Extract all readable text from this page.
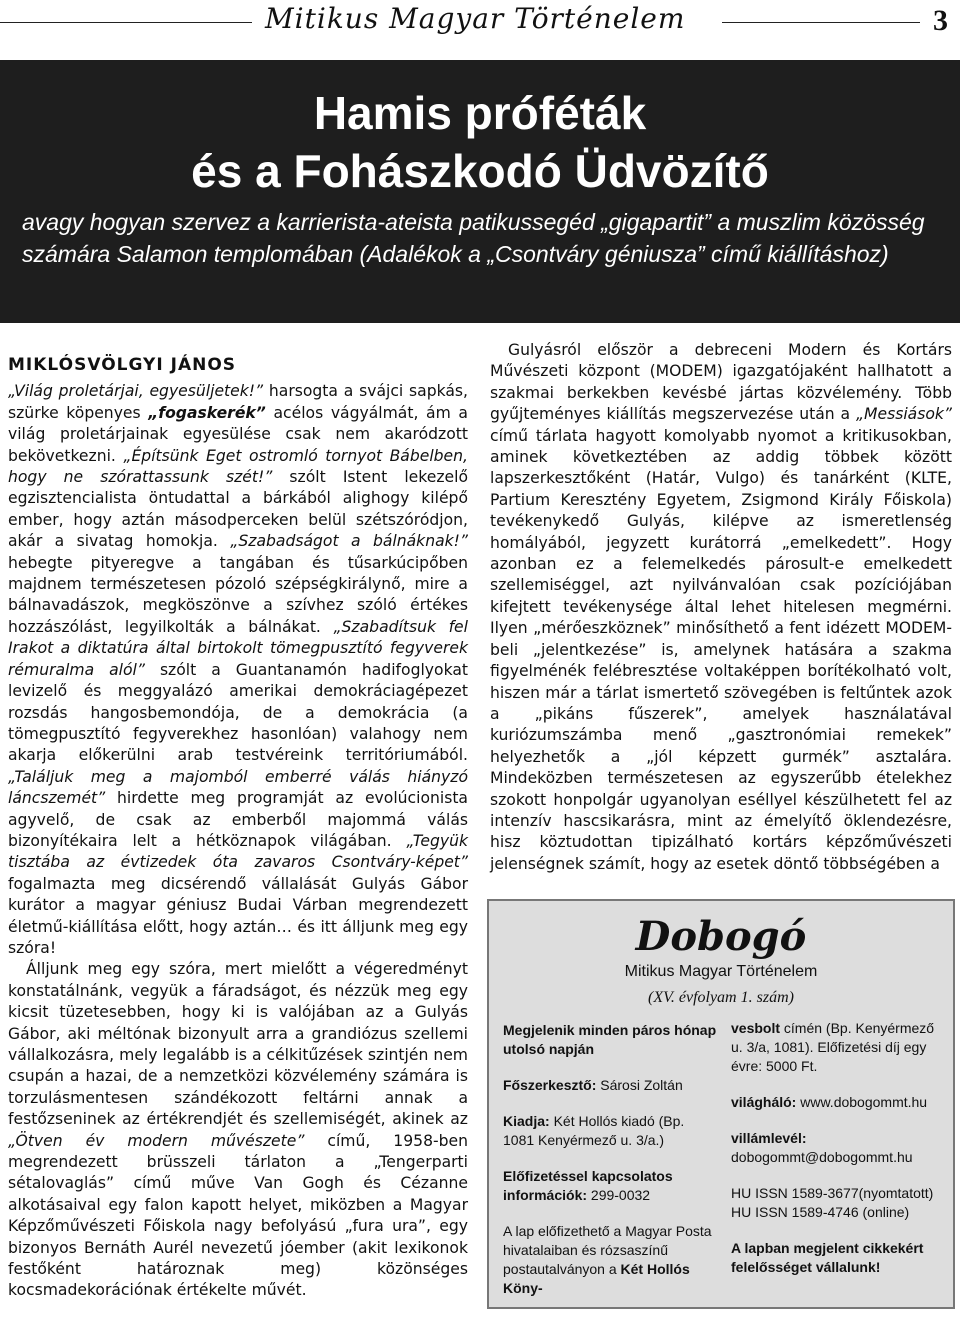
Mitikus Magyar Történelem	3
Hamis próféták
és a Fohászkodó Üdvözítő
avagy hogyan szervez a karrierista-ateista patikussegéd „gigapartit” a muszlim közösség számára Salamon templomában (Adalékok a „Csontváry géniusza” című kiállításhoz)

MIKLÓSVÖLGYI JÁNOS

„Világ proletárjai, egyesüljetek!” harsogta a svájci sapkás, szürke köpenyes „fogaskerék” acélos vágyálmát, ám a világ proletárjainak egyesülése csak nem akaródzott bekövetkezni. „Építsünk Eget ostromló tornyot Bábelben, hogy ne szórattassunk szét!” szólt Istent lekezelő egzisztencialista öntudattal a bárkából alighogy kilépő ember, hogy aztán másodperceken belül szétszóródjon, akár a sivatag homokja. „Szabadságot a bálnáknak!” hebegte pityeregve a tangában és tűsarkúcipőben majdnem természetesen pózoló szépségkirálynő, mire a bálnavadászok, megköszönve a szívhez szóló értékes hozzászólást, legyilkolták a bálnákat. „Szabadítsuk fel Irakot a diktatúra által birtokolt tömegpusztító fegyverek rémuralma alól” szólt a Guantanamón hadifoglyokat levizelő és meggyalázó amerikai demokráciagépezet rozsdás hangosbemondója, de a demokrácia (a tömegpusztító fegyverekhez hasonlóan) valahogy nem akarja előkerülni arab testvéreink territóriumából. „Találjuk meg a majomból emberré válás hiányzó láncszemét” hirdette meg programját az evolúcionista agyvelő, de csak az emberből majommá válás bizonyítékaira lelt a hétköznapok világában. „Tegyük tisztába az évtizedek óta zavaros Csontváry-képet” fogalmazta meg dicsérendő vállalását Gulyás Gábor kurátor a magyar géniusz Budai Várban megrendezett életmű-kiállítása előtt, hogy aztán… és itt álljunk meg egy szóra!

Álljunk meg egy szóra, mert mielőtt a végeredményt konstatálnánk, vegyük a fáradságot, és nézzük meg egy kicsit tüzetesebben, hogy ki is valójában az a Gulyás Gábor, aki méltónak bizonyult arra a grandiózus szellemi vállalkozásra, mely legalább is a célkitűzések szintjén nem csupán a hazai, de a nemzetközi közvélemény számára is torzulásmentesen szándékozott feltárni annak a festőzseninek az értékrendjét és szellemiségét, akinek az „Ötven év modern művészete” című, 1958-ben megrendezett brüsszeli tárlaton a „Tengerparti sétalovaglás” című műve Van Gogh és Cézanne alkotásaival egy falon kapott helyet, miközben a Magyar Képzőművészeti Főiskola nagy befolyású „fura ura”, egy bizonyos Bernáth Aurél nevezetű jóember (akit lexikonok festőként határoznak meg) közönséges kocsmadekorációnak értékelte művét.

Gulyásról először a debreceni Modern és Kortárs Művészeti központ (MODEM) igazgatójaként hallhatott a szakmai berkekben kevésbé jártas közvélemény. Több gyűjteményes kiállítás megszervezése után a „Messiások” című tárlata hagyott komolyabb nyomot a kritikusokban, aminek következtében az addig többek között lapszerkesztőként (Határ, Vulgo) és tanárként (KLTE, Partium Keresztény Egyetem, Zsigmond Király Főiskola) tevékenykedő Gulyás, kilépve az ismeretlenség homályából, jegyzett kurátorrá „emelkedett”. Hogy azonban ez a felemelkedés párosult-e emelkedett szellemiséggel, azt nyilvánvalóan csak pozíciójában kifejtett tevékenysége által lehet hitelesen megmérni. Ilyen „mérőeszköznek” minősíthető a fent idézett MODEM-beli „jelentkezése” is, amelynek hatására a szakma figyelménék felébresztése voltaképpen borítékolható volt, hiszen már a tárlat ismertető szövegében is feltűntek azok a „pikáns fűszerek”, amelyek használatával kuriózumszámba menő „gasztronómiai remekek” helyezhetők a „jól képzett gurmék” asztalára. Mindeközben természetesen az egyszerűbb ételekhez szokott honpolgár ugyanolyan eséllyel készülhetett fel az intenzív hascsikarásra, mint az émelyítő öklendezésre, hisz köztudottan tipizálható kortárs képzőművészeti jelenségnek számít, hogy az esetek döntő többségében a

Dobogó
Mitikus Magyar Történelem
(XV. évfolyam 1. szám)

Megjelenik minden páros hónap utolsó napján

Főszerkesztő: Sárosi Zoltán

Kiadja: Két Hollós kiadó (Bp. 1081 Kenyérmező u. 3/a.)

Előfizetéssel kapcsolatos információk: 299-0032

A lap előfizethető a Magyar Posta hivatalaiban és rózsaszínű postautalványon a Két Hollós Köny-

vesbolt címén (Bp. Kenyérmező u. 3/a, 1081). Előfizetési díj egy évre: 5000 Ft.

világháló: www.dobogommt.hu

villámlevél:
dobogommt@dobogommt.hu

HU ISSN 1589-3677(nyomtatott)
HU ISSN 1589-4746 (online)

A lapban megjelent cikkekért felelősséget vállalunk!
